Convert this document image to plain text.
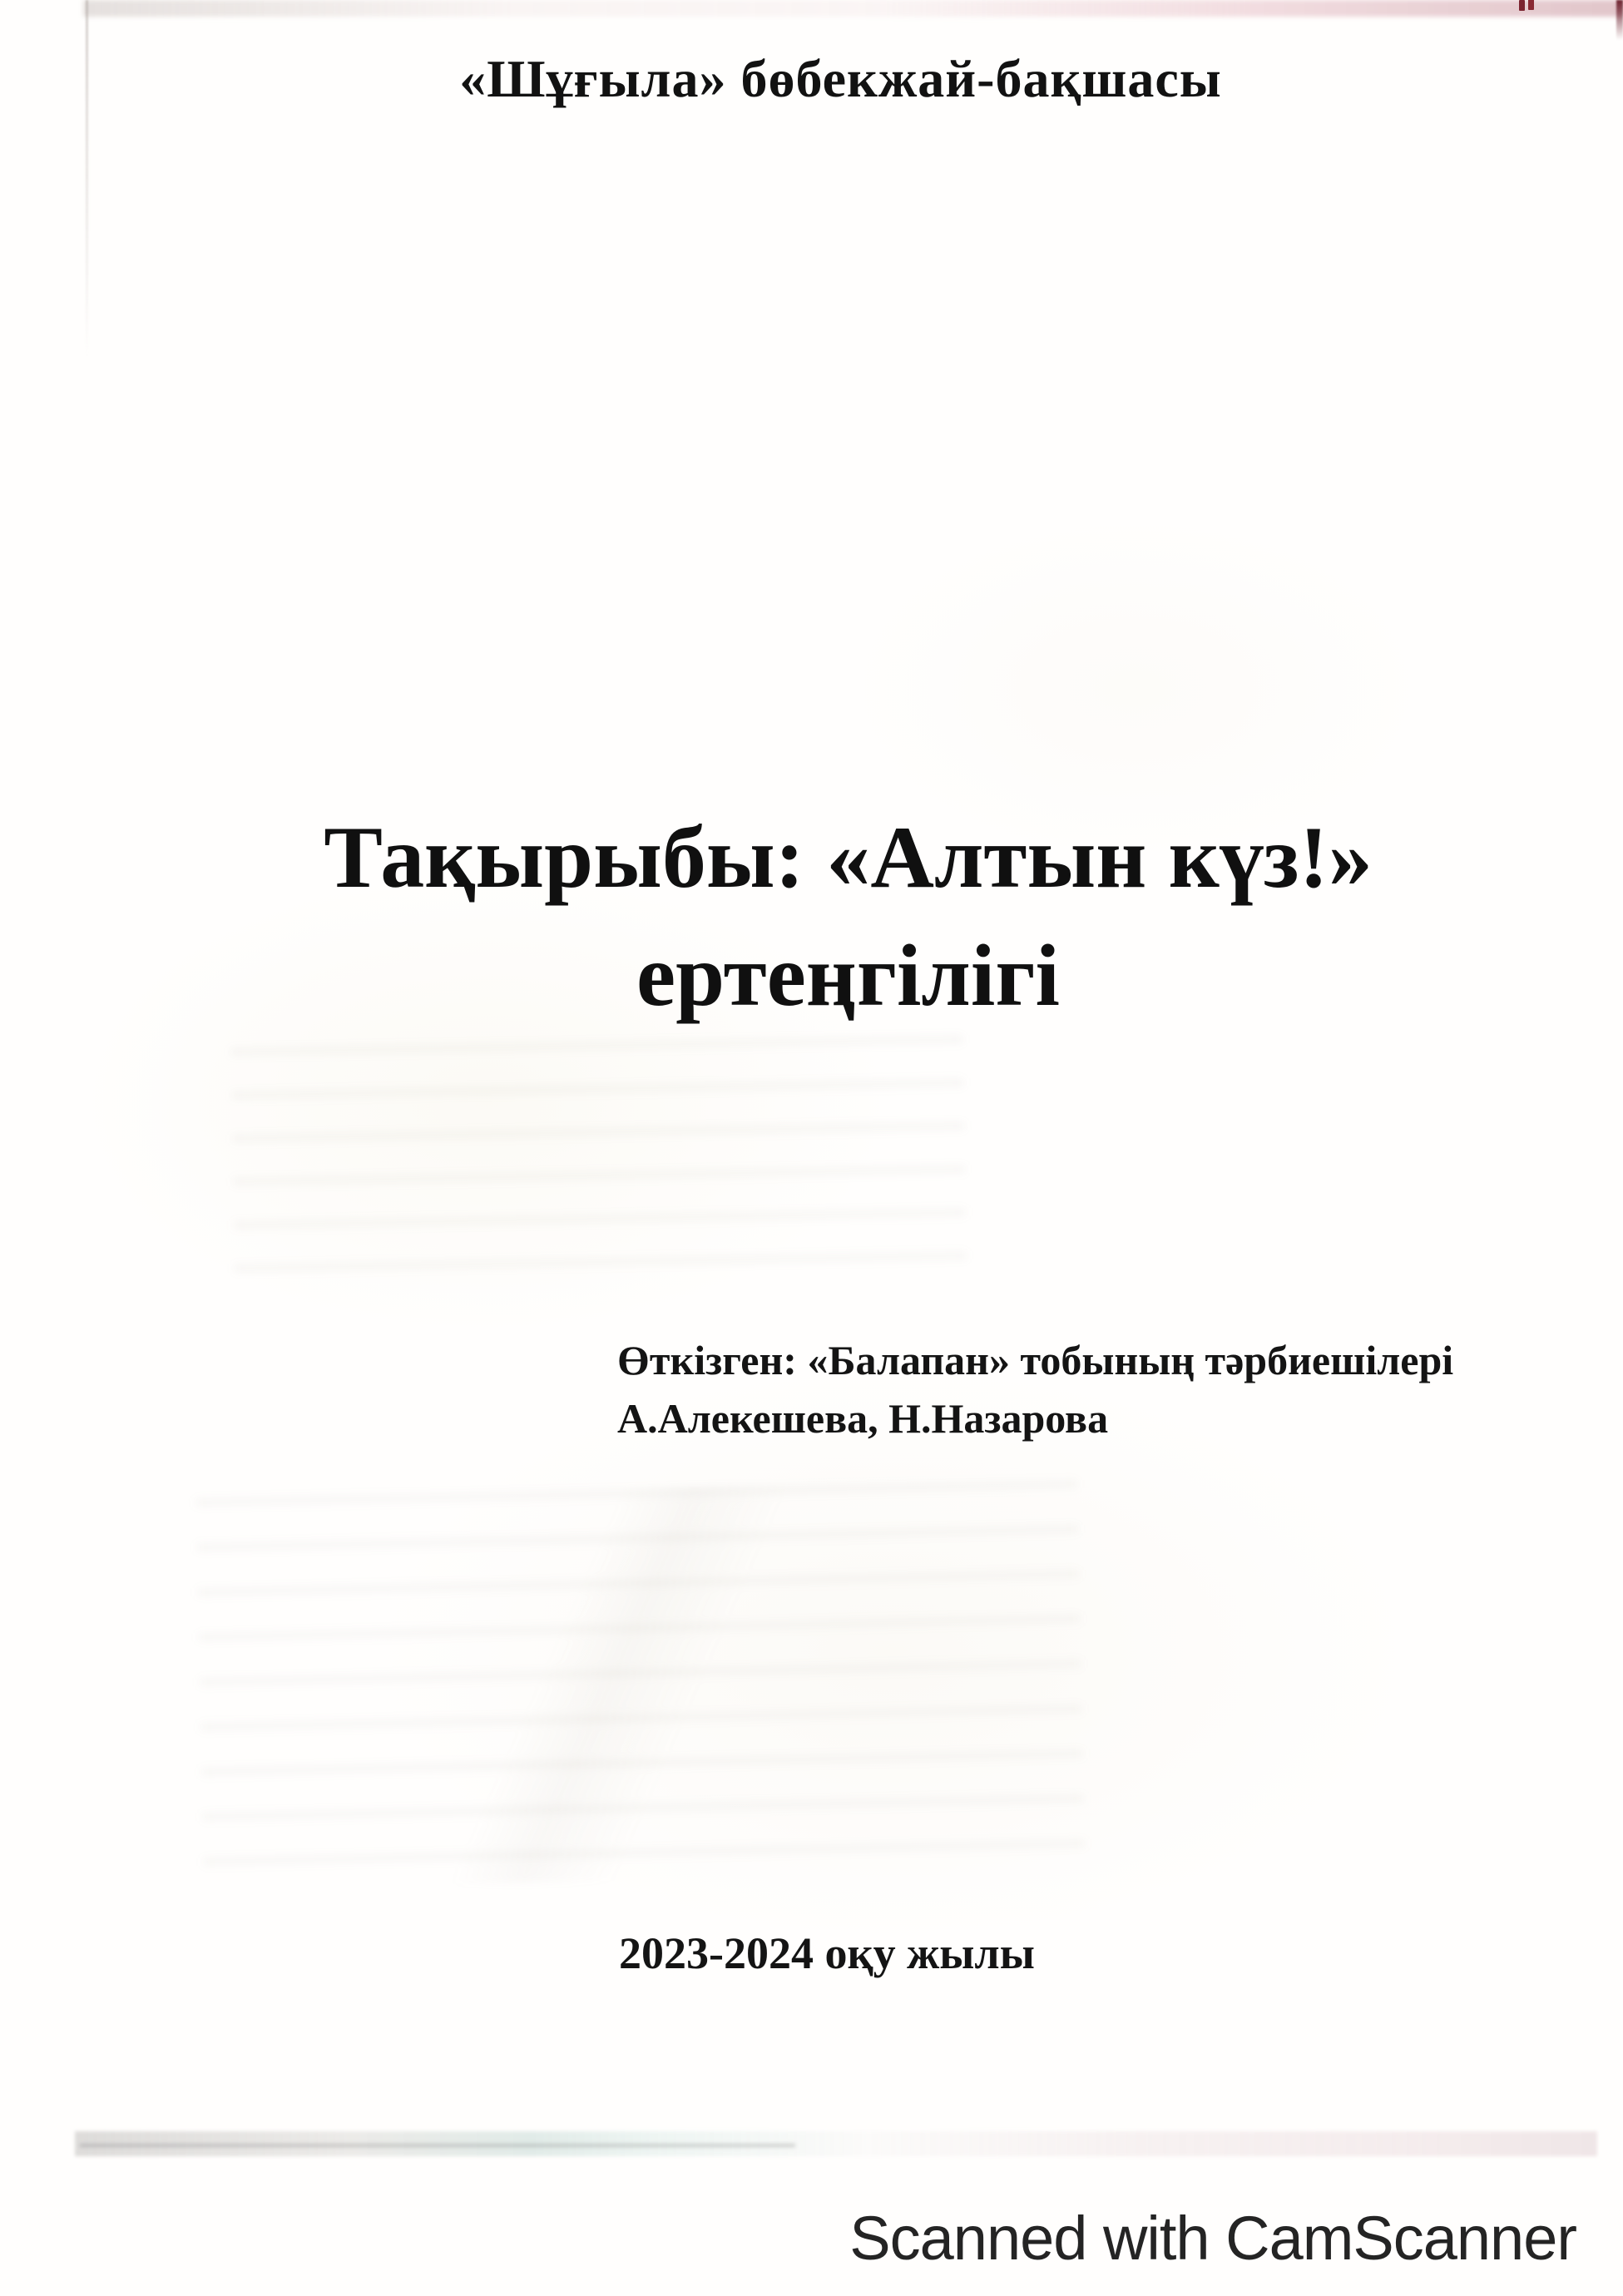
«Шұғыла» бөбекжай-бақшасы
Тақырыбы: «Алтын күз!»
ертеңгілігі
Өткізген: «Балапан» тобының тәрбиешілері
А.Алекешева, Н.Назарова
2023-2024 оқу жылы
Scanned with CamScanner
